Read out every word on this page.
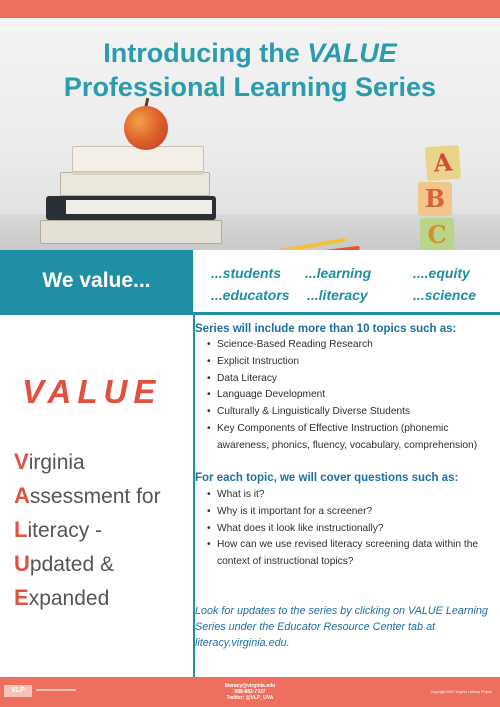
A
B
C
Introducing the VALUE
Professional Learning Series
We value...	...students ...learning	....equity
...educators ...literacy	...science
VALUE
Virginia
Assessment for
Literacy -
Updated &
Expanded
Series will include more than 10 topics such as:
• Science-Based Reading Research
• Explicit Instruction
• Data Literacy
• Language Development
• Culturally & Linguistically Diverse Students
• Key Components of Effective Instruction (phonemic awareness, phonics, fluency, vocabulary, comprehension)
For each topic, we will cover questions such as:
• What is it?
• Why is it important for a screener?
• What does it look like instructionally?
• How can we use revised literacy screening data within the context of instructional topics?

Look for updates to the series by clicking on VALUE Learning Series under the Educator Resource Center tab at literacy.virginia.edu.

VLP
literacy@virginia.edu
888-882-7337
Twitter: @VLP_UVA
Copyright 2022 Virginia Literacy Project
